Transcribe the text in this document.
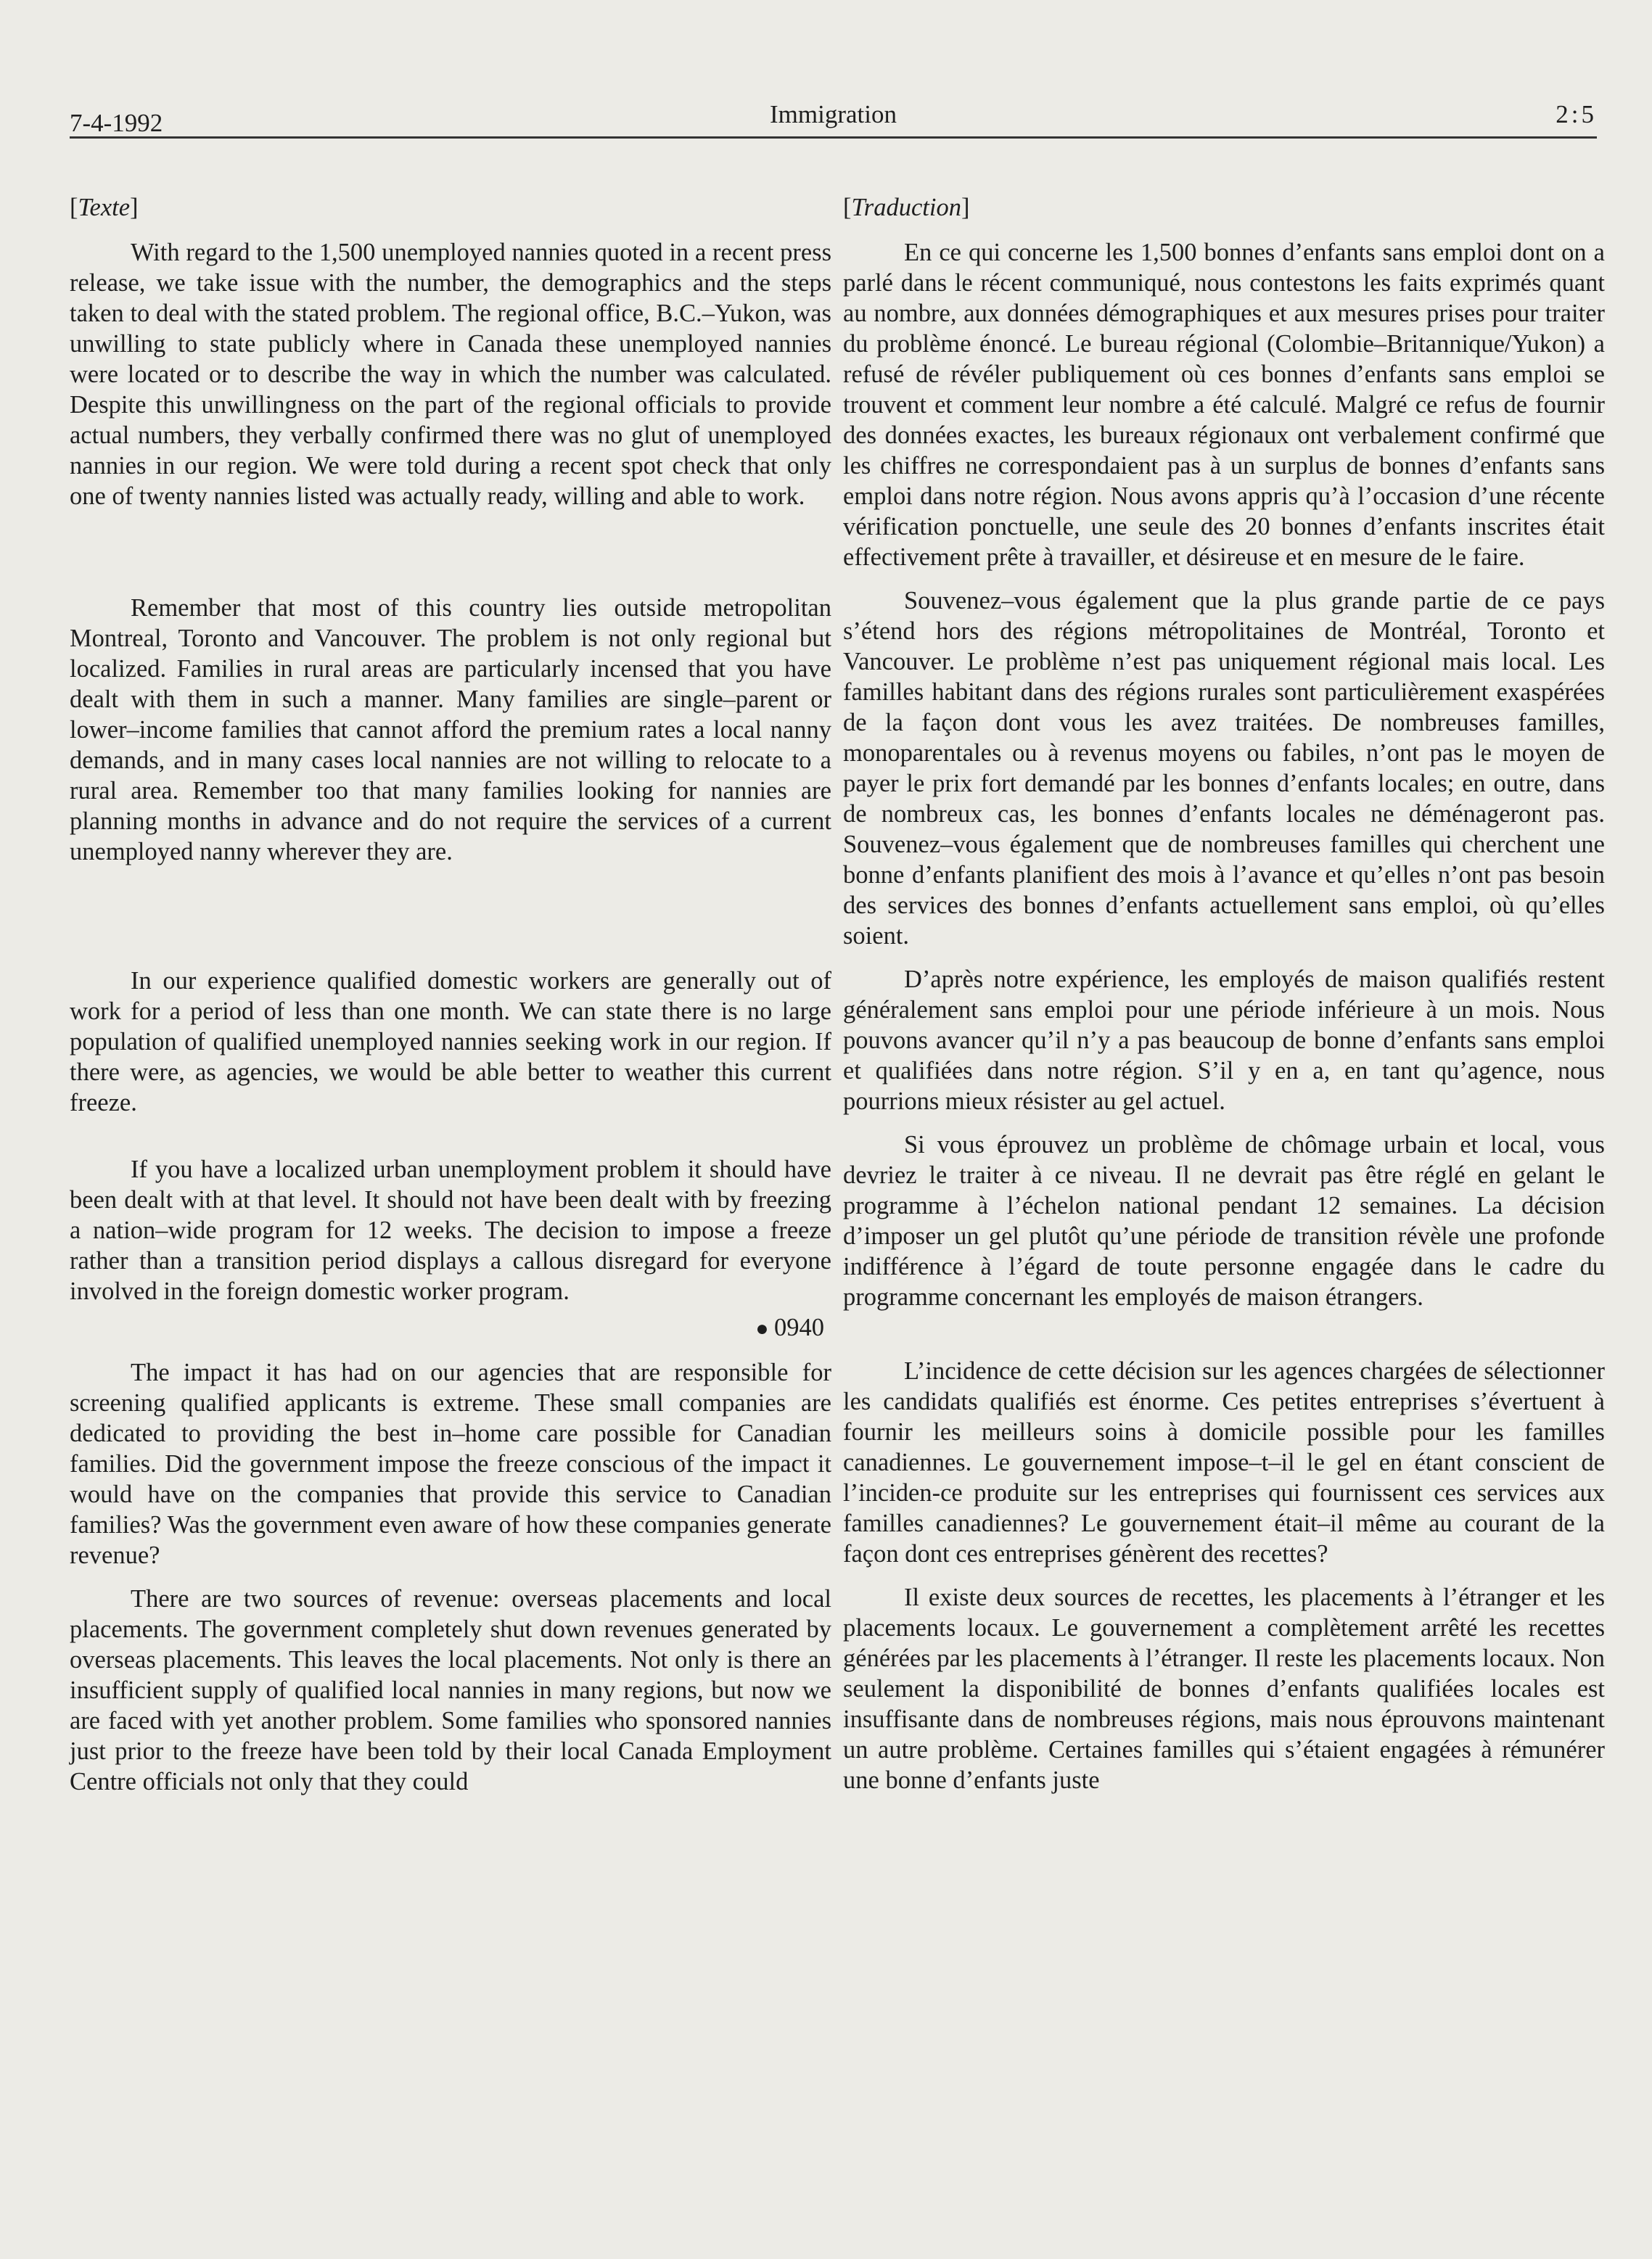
7-4-1992	Immigration	2:5
[Texte]

With regard to the 1,500 unemployed nannies quoted in a recent press release, we take issue with the number, the demographics and the steps taken to deal with the stated problem. The regional office, B.C.–Yukon, was unwilling to state publicly where in Canada these unemployed nannies were located or to describe the way in which the number was calculated. Despite this unwillingness on the part of the regional officials to provide actual numbers, they verbally confirmed there was no glut of unemployed nannies in our region. We were told during a recent spot check that only one of twenty nannies listed was actually ready, willing and able to work.

Remember that most of this country lies outside metropolitan Montreal, Toronto and Vancouver. The problem is not only regional but localized. Families in rural areas are particularly incensed that you have dealt with them in such a manner. Many families are single–parent or lower–income families that cannot afford the premium rates a local nanny demands, and in many cases local nannies are not willing to relocate to a rural area. Remember too that many families looking for nannies are planning months in advance and do not require the services of a current unemployed nanny wherever they are.

In our experience qualified domestic workers are generally out of work for a period of less than one month. We can state there is no large population of qualified unemployed nannies seeking work in our region. If there were, as agencies, we would be able better to weather this current freeze.

If you have a localized urban unemployment problem it should have been dealt with at that level. It should not have been dealt with by freezing a nation–wide program for 12 weeks. The decision to impose a freeze rather than a transition period displays a callous disregard for everyone involved in the foreign domestic worker program.

● 0940

The impact it has had on our agencies that are responsible for screening qualified applicants is extreme. These small companies are dedicated to providing the best in–home care possible for Canadian families. Did the government impose the freeze conscious of the impact it would have on the companies that provide this service to Canadian families? Was the government even aware of how these companies generate revenue?

There are two sources of revenue: overseas placements and local placements. The government completely shut down revenues generated by overseas placements. This leaves the local placements. Not only is there an insufficient supply of qualified local nannies in many regions, but now we are faced with yet another problem. Some families who sponsored nannies just prior to the freeze have been told by their local Canada Employment Centre officials not only that they could

[Traduction]

En ce qui concerne les 1,500 bonnes d’enfants sans emploi dont on a parlé dans le récent communiqué, nous contestons les faits exprimés quant au nombre, aux données démographiques et aux mesures prises pour traiter du problème énoncé. Le bureau régional (Colombie–Britannique/Yukon) a refusé de révéler publiquement où ces bonnes d’enfants sans emploi se trouvent et comment leur nombre a été calculé. Malgré ce refus de fournir des données exactes, les bureaux régionaux ont verbalement confirmé que les chiffres ne correspondaient pas à un surplus de bonnes d’enfants sans emploi dans notre région. Nous avons appris qu’à l’occasion d’une récente vérification ponctuelle, une seule des 20 bonnes d’enfants inscrites était effectivement prête à travailler, et désireuse et en mesure de le faire.

Souvenez–vous également que la plus grande partie de ce pays s’étend hors des régions métropolitaines de Montréal, Toronto et Vancouver. Le problème n’est pas uniquement régional mais local. Les familles habitant dans des régions rurales sont particulièrement exaspérées de la façon dont vous les avez traitées. De nombreuses familles, monoparentales ou à revenus moyens ou fabiles, n’ont pas le moyen de payer le prix fort demandé par les bonnes d’enfants locales; en outre, dans de nombreux cas, les bonnes d’enfants locales ne déménageront pas. Souvenez–vous également que de nombreuses familles qui cherchent une bonne d’enfants planifient des mois à l’avance et qu’elles n’ont pas besoin des services des bonnes d’enfants actuellement sans emploi, où qu’elles soient.

D’après notre expérience, les employés de maison qualifiés restent généralement sans emploi pour une période inférieure à un mois. Nous pouvons avancer qu’il n’y a pas beaucoup de bonne d’enfants sans emploi et qualifiées dans notre région. S’il y en a, en tant qu’agence, nous pourrions mieux résister au gel actuel.

Si vous éprouvez un problème de chômage urbain et local, vous devriez le traiter à ce niveau. Il ne devrait pas être réglé en gelant le programme à l’échelon national pendant 12 semaines. La décision d’imposer un gel plutôt qu’une période de transition révèle une profonde indifférence à l’égard de toute personne engagée dans le cadre du programme concernant les employés de maison étrangers.

L’incidence de cette décision sur les agences chargées de sélectionner les candidats qualifiés est énorme. Ces petites entreprises s’évertuent à fournir les meilleurs soins à domicile possible pour les familles canadiennes. Le gouvernement impose–t–il le gel en étant conscient de l’inciden-ce produite sur les entreprises qui fournissent ces services aux familles canadiennes? Le gouvernement était–il même au courant de la façon dont ces entreprises génèrent des recettes?

Il existe deux sources de recettes, les placements à l’étranger et les placements locaux. Le gouvernement a complètement arrêté les recettes générées par les placements à l’étranger. Il reste les placements locaux. Non seulement la disponibilité de bonnes d’enfants qualifiées locales est insuffisante dans de nombreuses régions, mais nous éprouvons maintenant un autre problème. Certaines familles qui s’étaient engagées à rémunérer une bonne d’enfants juste
